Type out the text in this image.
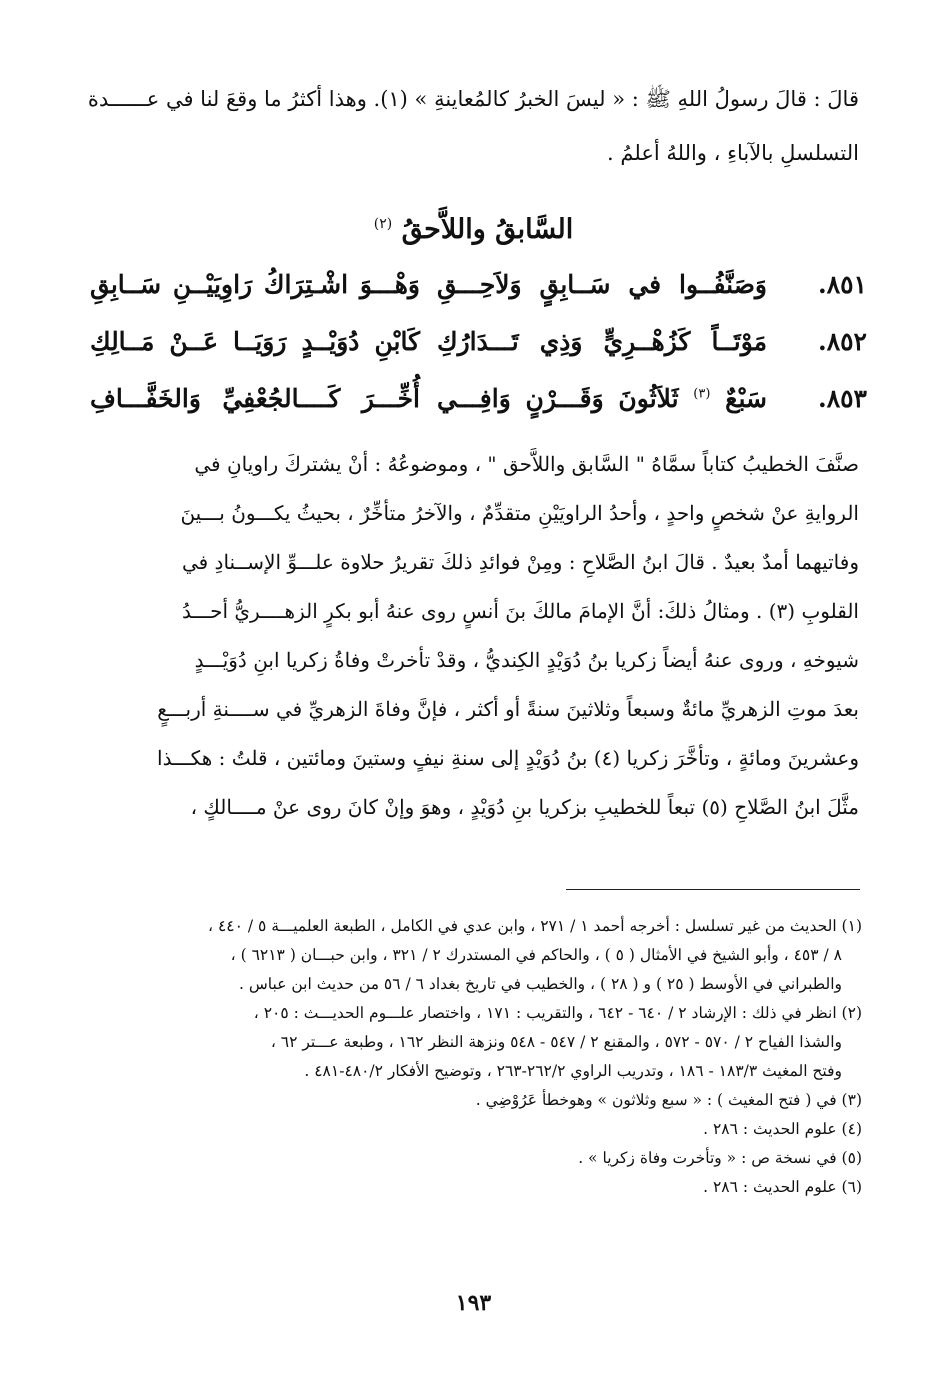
قالَ : قالَ رسولُ اللهِ ﷺ : « ليسَ الخبرُ كالمُعاينةِ » (١). وهذا أكثرُ ما وقعَ لنا في عــــــدة
التسلسلِ بالآباءِ ، واللهُ أعلمُ .
السَّابقُ واللاَّحقُ $^{(٢)}$
٨٥١.
وَصَنَّفُــوا في سَــابِقٍ وَلاَحِـــقِ
وَهْـــوَ اشْـتِرَاكُ رَاوِيَيْــنِ سَــابِقِ
٨٥٢.
مَوْتَــاً كَزُهْــرِيٍّ وَذِي تَـــدَارُكِ
كَابْنِ دُوَيْــدٍ رَوَيَــا عَــنْ مَــالِكِ
٨٥٣.
سَبْعٌ $^{(٣)}$ ثَلاَثُونَ وَقَـــرْنٍ وَافِـــي
أُخِّـــرَ كَــــالجُعْفِيِّ وَالخَفَّـــافِ
صنَّفَ الخطيبُ كتاباً سمَّاهُ " السَّابق واللاَّحق " ، وموضوعُهُ : أنْ يشتركَ راويانِ في
الروايةِ عنْ شخصٍ واحدٍ ، وأحدُ الراويَيْنِ متقدِّمٌ ، والآخرُ متأخِّرٌ ، بحيثُ يكـــونُ بـــينَ
وفاتيهما أمدٌ بعيدٌ . قالَ ابنُ الصَّلاحِ : ومِنْ فوائدِ ذلكَ تقريرُ حلاوة علـــوِّ الإســنادِ في
القلوبِ (٣) . ومثالُ ذلكَ: أنَّ الإمامَ مالكَ بنَ أنسٍ روى عنهُ أبو بكرٍ الزهــــريُّ أحـــدُ
شيوخهِ ، وروى عنهُ أيضاً زكريا بنُ دُوَيْدٍ الكِنديُّ ، وقدْ تأخرتْ وفاةُ زكريا ابنِ دُوَيْـــدٍ
بعدَ موتِ الزهريِّ مائةٌ وسبعاً وثلاثينَ سنةً أو أكثر ، فإنَّ وفاةَ الزهريِّ في ســــنةِ أربـــعٍ
وعشرينَ ومائةٍ ، وتأخَّرَ زكريا (٤) بنُ دُوَيْدٍ إلى سنةِ نيفٍ وستينَ ومائتين ، قلتُ : هكـــذا
مثَّلَ ابنُ الصَّلاحِ (٥) تبعاً للخطيبِ بزكريا بنِ دُوَيْدٍ ، وهوَ وإنْ كانَ روى عنْ مــــالكٍ ،
(١) الحديث من غير تسلسل : أخرجه أحمد ١ / ٢٧١ ، وابن عدي في الكامل ، الطبعة العلميـــة ٥ / ٤٤٠ ،
٨ / ٤٥٣ ، وأبو الشيخ في الأمثال ( ٥ ) ، والحاكم في المستدرك ٢ / ٣٢١ ، وابن حبـــان ( ٦٢١٣ ) ،
والطبراني في الأوسط ( ٢٥ ) و ( ٢٨ ) ، والخطيب في تاريخ بغداد ٦ / ٥٦ من حديث ابن عباس .
(٢) انظر في ذلك : الإرشاد ٢ / ٦٤٠ - ٦٤٢ ، والتقريب : ١٧١ ، واختصار علـــوم الحديـــث : ٢٠٥ ،
والشذا الفياح ٢ / ٥٧٠ - ٥٧٢ ، والمقنع ٢ / ٥٤٧ - ٥٤٨ ونزهة النظر ١٦٢ ، وطبعة عـــتر ٦٢ ،
وفتح المغيث ١٨٣/٣ - ١٨٦ ، وتدريب الراوي ٢٦٢/٢-٢٦٣ ، وتوضيح الأفكار ٤٨٠/٢-٤٨١ .
(٣) في ( فتح المغيث ) : « سبع وثلاثون » وهوخطأ عَرُوْضِي .
(٤) علوم الحديث : ٢٨٦ .
(٥) في نسخة ص : « وتأخرت وفاة زكريا » .
(٦) علوم الحديث : ٢٨٦ .
١٩٣
